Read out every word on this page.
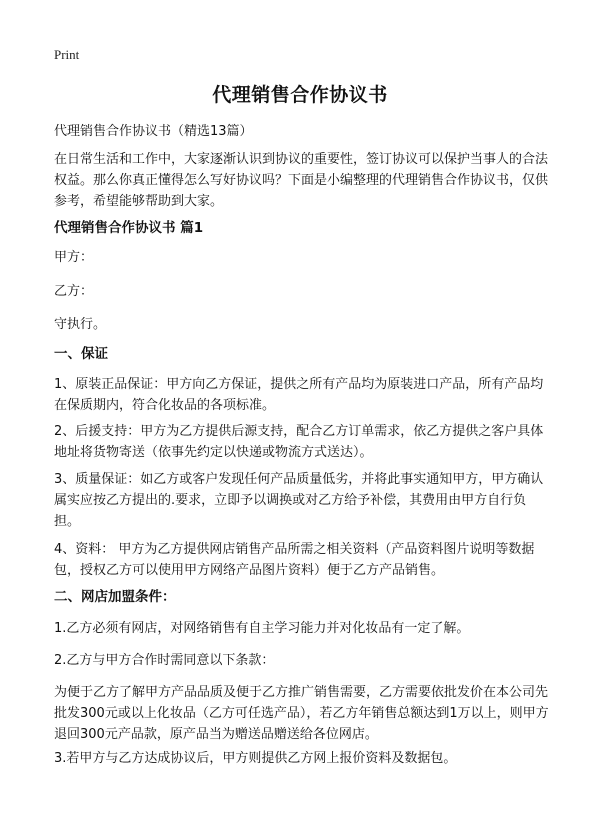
Print
代理销售合作协议书

代理销售合作协议书（精选13篇）

在日常生活和工作中，大家逐渐认识到协议的重要性，签订协议可以保护当事人的合法权益。那么你真正懂得怎么写好协议吗？下面是小编整理的代理销售合作协议书，仅供参考，希望能够帮助到大家。

代理销售合作协议书 篇1

甲方：

乙方：

守执行。

一、保证

1、原装正品保证：甲方向乙方保证，提供之所有产品均为原装进口产品，所有产品均在保质期内，符合化妆品的各项标准。

2、后援支持：甲方为乙方提供后源支持，配合乙方订单需求，依乙方提供之客户具体地址将货物寄送（依事先约定以快递或物流方式送达）。

3、质量保证：如乙方或客户发现任何产品质量低劣，并将此事实通知甲方，甲方确认属实应按乙方提出的.要求，立即予以调换或对乙方给予补偿，其费用由甲方自行负担。

4、资料： 甲方为乙方提供网店销售产品所需之相关资料（产品资料图片说明等数据包，授权乙方可以使用甲方网络产品图片资料）便于乙方产品销售。

二、网店加盟条件：

1.乙方必须有网店，对网络销售有自主学习能力并对化妆品有一定了解。

2.乙方与甲方合作时需同意以下条款：

为便于乙方了解甲方产品品质及便于乙方推广销售需要，乙方需要依批发价在本公司先批发300元或以上化妆品（乙方可任选产品），若乙方年销售总额达到1万以上，则甲方退回300元产品款，原产品当为赠送品赠送给各位网店。

3.若甲方与乙方达成协议后，甲方则提供乙方网上报价资料及数据包。
